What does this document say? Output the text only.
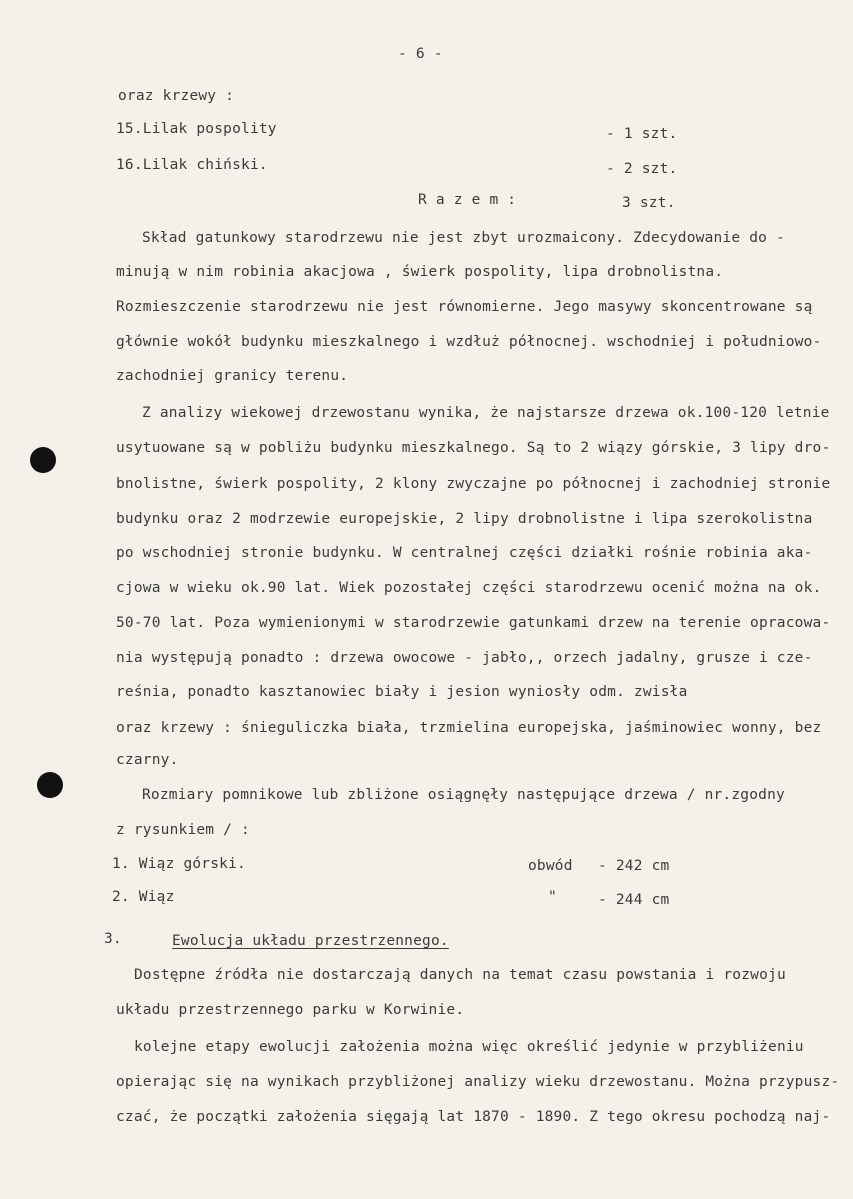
- 6 -
oraz krzewy :
15.Lilak pospolity	- 1 szt.
16.Lilak chiński.	- 2 szt.
R a z e m :	3 szt.
Skład gatunkowy starodrzewu nie jest zbyt urozmaicony. Zdecydowanie do -
minują w nim robinia akacjowa , świerk pospolity, lipa drobnolistna.
Rozmieszczenie starodrzewu nie jest równomierne. Jego masywy skoncentrowane są
głównie wokół budynku mieszkalnego i wzdłuż północnej. wschodniej i południowo-
zachodniej granicy terenu.
Z analizy wiekowej drzewostanu wynika, że najstarsze drzewa ok.100-120 letnie
usytuowane są w pobliżu budynku mieszkalnego. Są to 2 wiązy górskie, 3 lipy dro-
bnolistne, świerk pospolity, 2 klony zwyczajne po północnej i zachodniej stronie
budynku oraz 2 modrzewie europejskie, 2 lipy drobnolistne i lipa szerokolistna
po wschodniej stronie budynku. W centralnej części działki rośnie robinia aka-
cjowa w wieku ok.90 lat. Wiek pozostałej części starodrzewu ocenić można na ok.
50-70 lat. Poza wymienionymi w starodrzewie gatunkami drzew na terenie opracowa-
nia występują ponadto : drzewa owocowe - jabło,, orzech jadalny, grusze i cze-
reśnia, ponadto kasztanowiec biały i jesion wyniosły odm. zwisła
oraz krzewy : śnieguliczka biała, trzmielina europejska, jaśminowiec wonny, bez
czarny.
Rozmiary pomnikowe lub zbliżone osiągnęły następujące drzewa / nr.zgodny
z rysunkiem / :
1. Wiąz górski.	obwód - 242 cm
2. Wiąz	"	- 244 cm
3.	Ewolucja układu przestrzennego.
Dostępne źródła nie dostarczają danych na temat czasu powstania i rozwoju
układu przestrzennego parku w Korwinie.
kolejne etapy ewolucji założenia można więc określić jedynie w przybliżeniu
opierając się na wynikach przybliżonej analizy wieku drzewostanu. Można przypusz-
czać, że początki założenia sięgają lat 1870 - 1890. Z tego okresu pochodzą naj-
